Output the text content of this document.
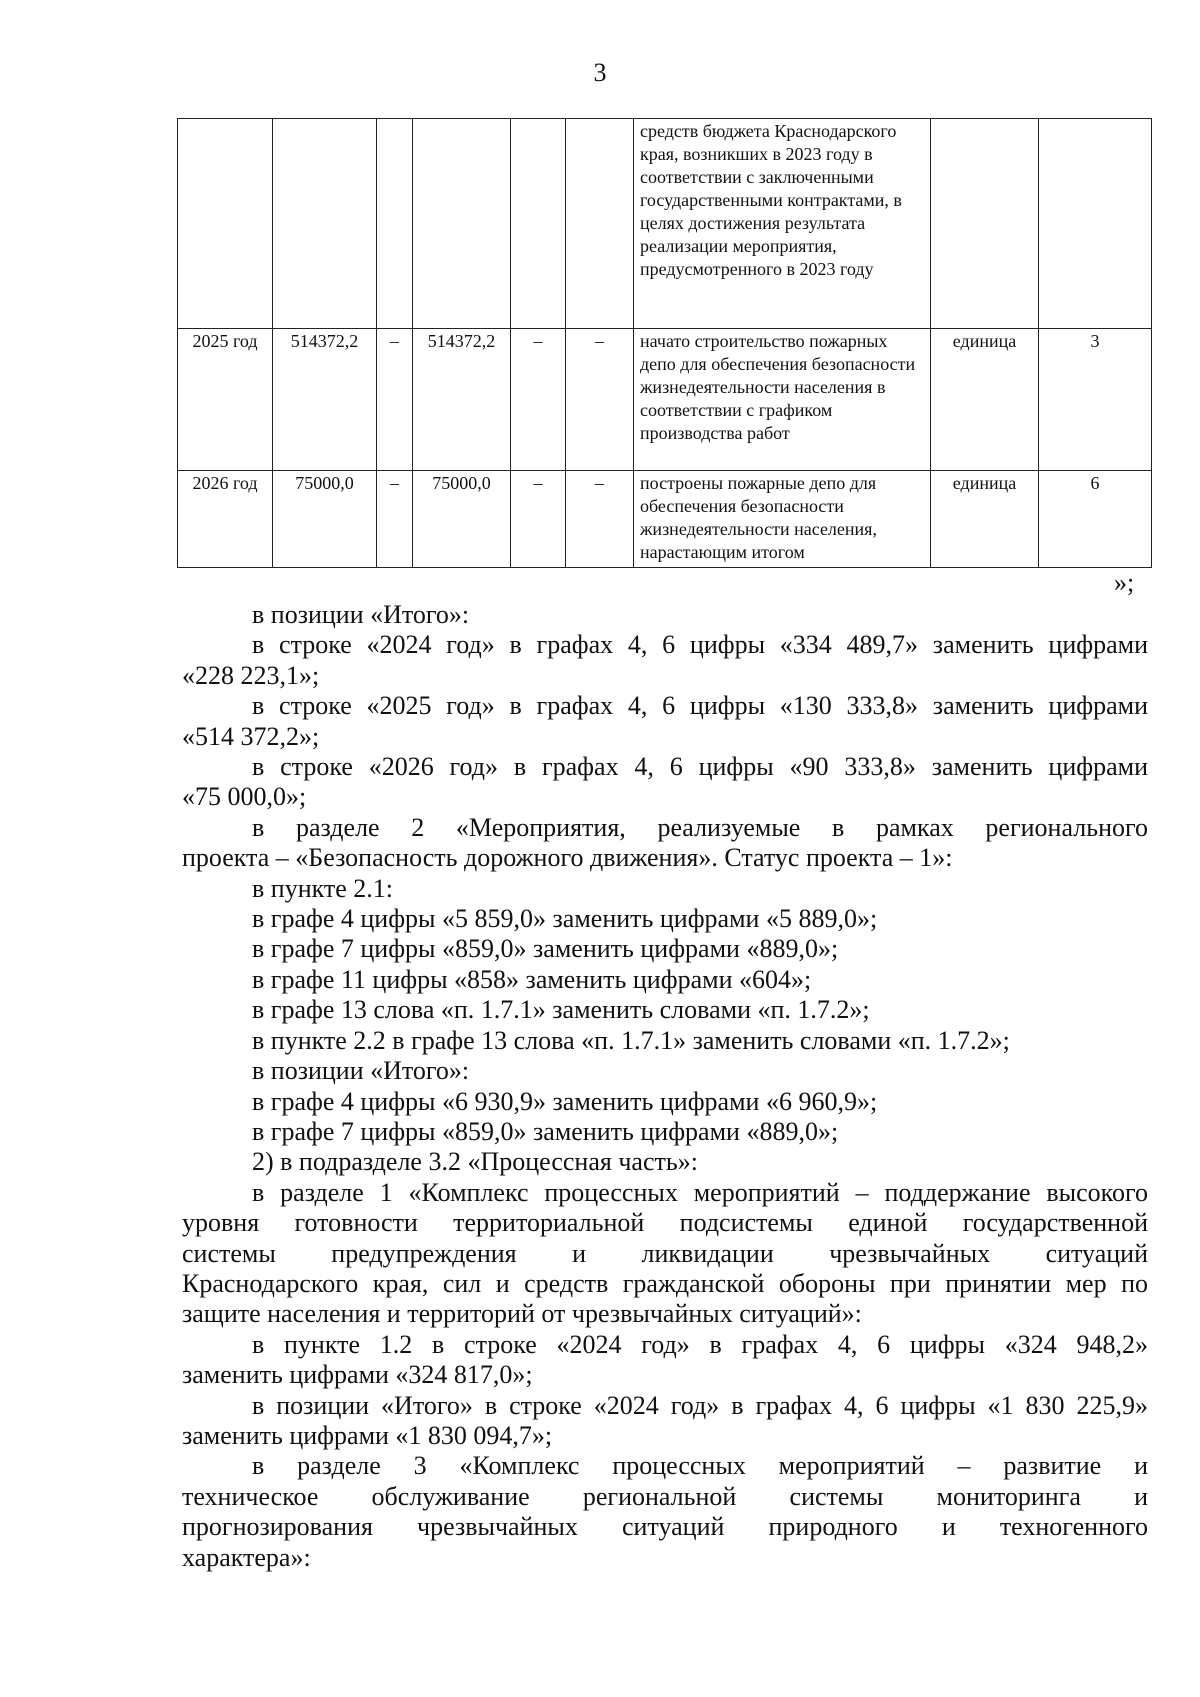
3
						средств бюджета Краснодарского края, возникших в 2023 году в соответствии с заключенными государственными контрактами, в целях достижения результата реализации мероприятия, предусмотренного в 2023 году		
2025 год	514372,2	–	514372,2	–	–	начато строительство пожарных депо для обеспечения безопасности жизнедеятельности населения в соответствии с графиком производства работ	единица	3
2026 год	75000,0	–	75000,0	–	–	построены пожарные депо для обеспечения безопасности жизнедеятельности населения, нарастающим итогом	единица	6
»;

в позиции «Итого»:

в строке «2024 год» в графах 4, 6 цифры «334 489,7» заменить цифрами

«228 223,1»;

в строке «2025 год» в графах 4, 6 цифры «130 333,8» заменить цифрами

«514 372,2»;

в строке «2026 год» в графах 4, 6 цифры «90 333,8» заменить цифрами

«75 000,0»;

в разделе 2 «Мероприятия, реализуемые в рамках регионального

проекта – «Безопасность дорожного движения». Статус проекта – 1»:

в пункте 2.1:

в графе 4 цифры «5 859,0» заменить цифрами «5 889,0»;

в графе 7 цифры «859,0» заменить цифрами «889,0»;

в графе 11 цифры «858» заменить цифрами «604»;

в графе 13 слова «п. 1.7.1» заменить словами «п. 1.7.2»;

в пункте 2.2 в графе 13 слова «п. 1.7.1» заменить словами «п. 1.7.2»;

в позиции «Итого»:

в графе 4 цифры «6 930,9» заменить цифрами «6 960,9»;

в графе 7 цифры «859,0» заменить цифрами «889,0»;

2) в подразделе 3.2 «Процессная часть»:

в разделе 1 «Комплекс процессных мероприятий – поддержание высокого

уровня готовности территориальной подсистемы единой государственной

системы предупреждения и ликвидации чрезвычайных ситуаций

Краснодарского края, сил и средств гражданской обороны при принятии мер по

защите населения и территорий от чрезвычайных ситуаций»:

в пункте 1.2 в строке «2024 год» в графах 4, 6 цифры «324 948,2»

заменить цифрами «324 817,0»;

в позиции «Итого» в строке «2024 год» в графах 4, 6 цифры «1 830 225,9»

заменить цифрами «1 830 094,7»;

в разделе 3 «Комплекс процессных мероприятий – развитие и

техническое обслуживание региональной системы мониторинга и

прогнозирования чрезвычайных ситуаций природного и техногенного

характера»:
